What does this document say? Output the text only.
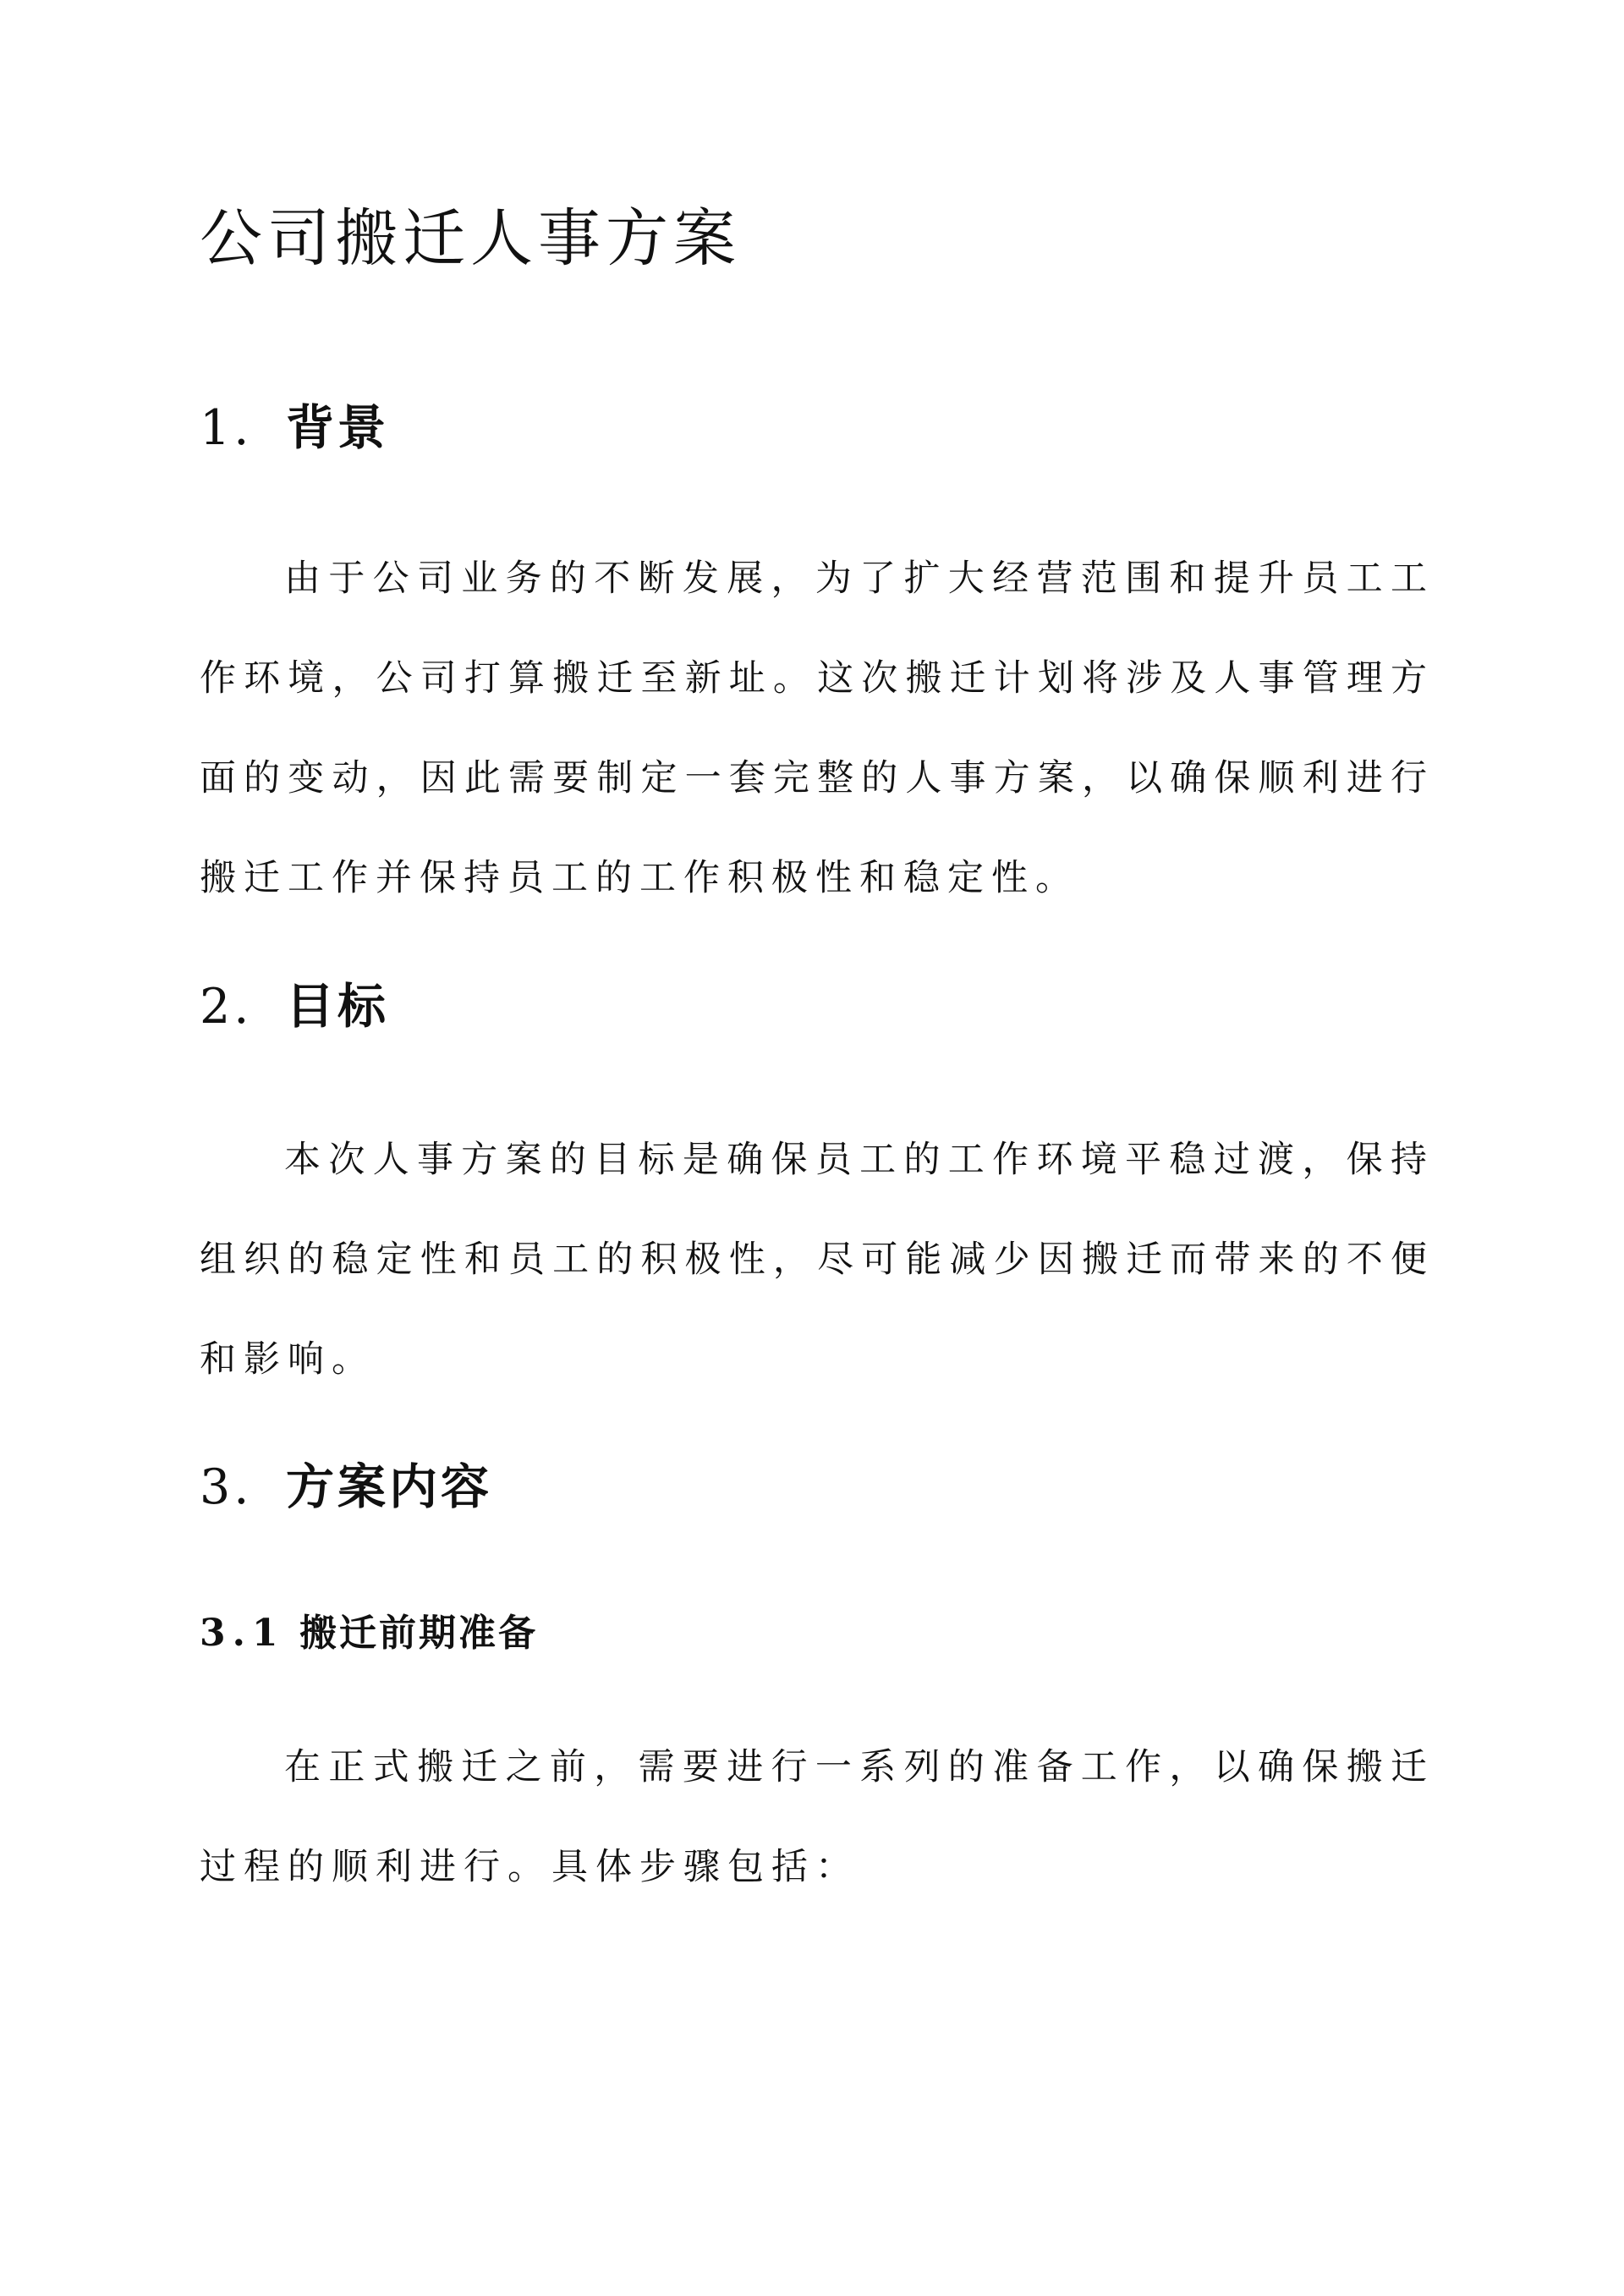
公司搬迁人事方案
1. 背景

由于公司业务的不断发展，为了扩大经营范围和提升员工工作环境，公司打算搬迁至新址。这次搬迁计划将涉及人事管理方面的变动，因此需要制定一套完整的人事方案，以确保顺利进行搬迁工作并保持员工的工作积极性和稳定性。

2. 目标

本次人事方案的目标是确保员工的工作环境平稳过渡，保持组织的稳定性和员工的积极性，尽可能减少因搬迁而带来的不便和影响。

3. 方案内容
3.1 搬迁前期准备

在正式搬迁之前，需要进行一系列的准备工作，以确保搬迁过程的顺利进行。具体步骤包括：
